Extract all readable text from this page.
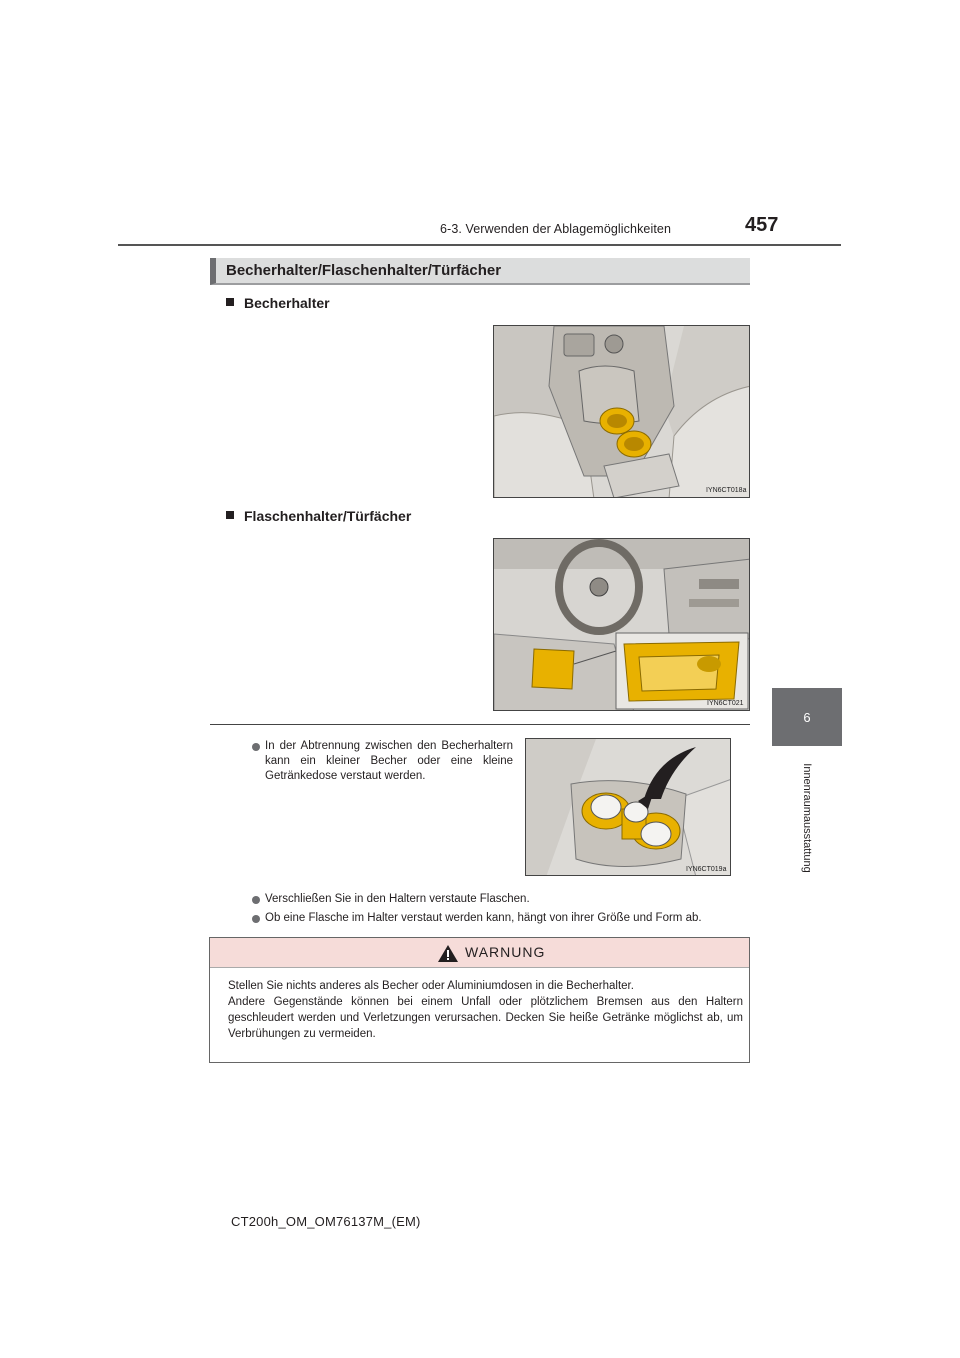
6-3. Verwenden der Ablagemöglichkeiten	457
6
Innenraumausstattung
Becherhalter/Flaschenhalter/Türfächer
Becherhalter
IYN6CT018a
Flaschenhalter/Türfächer
IYN6CT021
In der Abtrennung zwischen den Becherhaltern kann ein kleiner Becher oder eine kleine Getränkedose verstaut werden.
IYN6CT019a
Verschließen Sie in den Haltern verstaute Flaschen.
Ob eine Flasche im Halter verstaut werden kann, hängt von ihrer Größe und Form ab.
WARNUNG
Stellen Sie nichts anderes als Becher oder Aluminiumdosen in die Becherhalter.
Andere Gegenstände können bei einem Unfall oder plötzlichem Bremsen aus den Haltern geschleudert werden und Verletzungen verursachen. Decken Sie heiße Getränke möglichst ab, um Verbrühungen zu vermeiden.
CT200h_OM_OM76137M_(EM)
